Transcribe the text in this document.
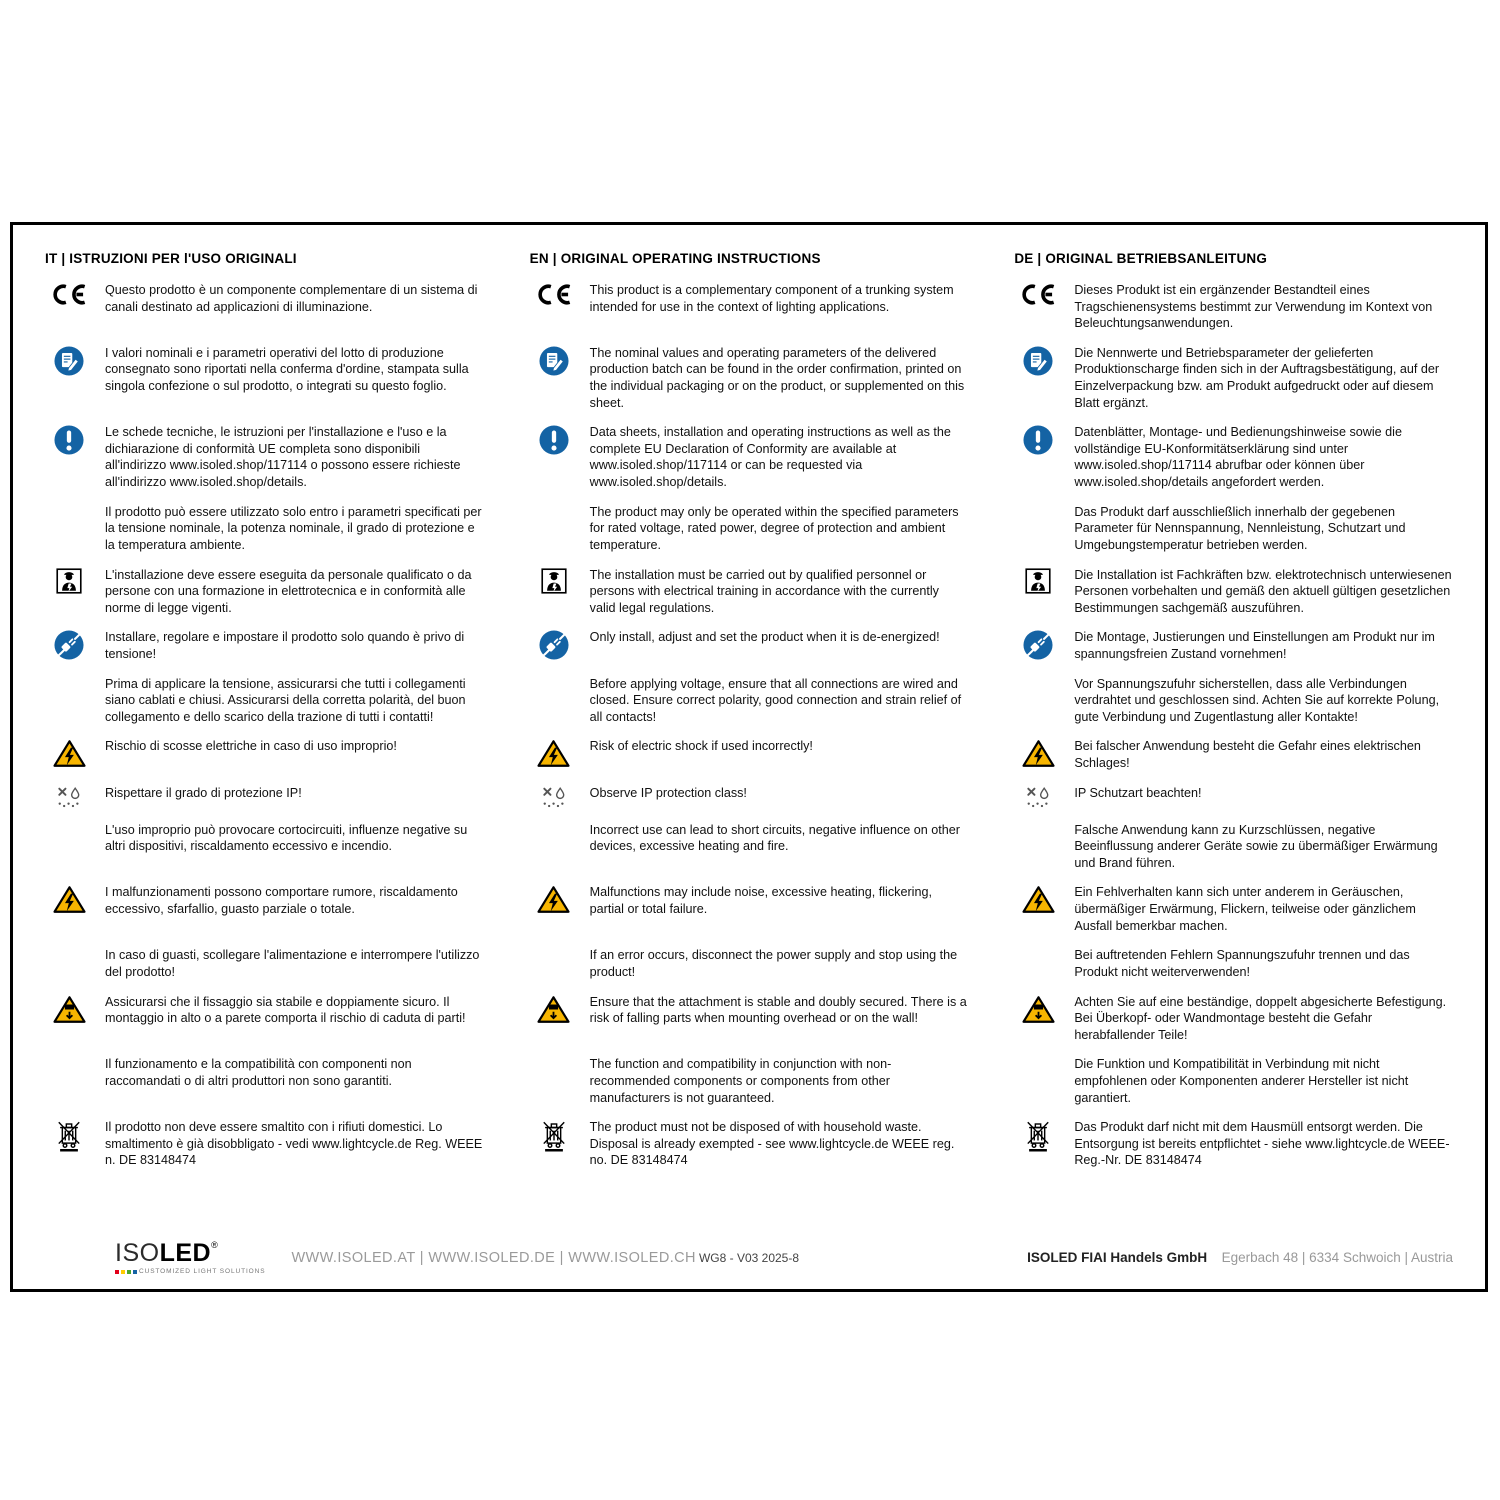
IT | ISTRUZIONI PER l'USO ORIGINALI	EN | ORIGINAL OPERATING INSTRUCTIONS	DE | ORIGINAL BETRIEBSANLEITUNG

Questo prodotto è un componente complementare di un sistema di canali destinato ad applicazioni di illuminazione.

This product is a complementary component of a trunking system intended for use in the context of lighting applications.

Dieses Produkt ist ein ergänzender Bestandteil eines Tragschienensystems bestimmt zur Verwendung im Kontext von Beleuchtungsanwendungen.

I valori nominali e i parametri operativi del lotto di produzione consegnato sono riportati nella conferma d'ordine, stampata sulla singola confezione o sul prodotto, o integrati su questo foglio.

The nominal values and operating parameters of the delivered production batch can be found in the order confirmation, printed on the individual packaging or on the product, or supplemented on this sheet.

Die Nennwerte und Betriebsparameter der gelieferten Produktionscharge finden sich in der Auftragsbestätigung, auf der Einzelverpackung bzw. am Produkt aufgedruckt oder auf diesem Blatt ergänzt.

Le schede tecniche, le istruzioni per l'installazione e l'uso e la dichiarazione di conformità UE completa sono disponibili all'indirizzo www.isoled.shop/117114 o possono essere richieste all'indirizzo www.isoled.shop/details.

Data sheets, installation and operating instructions as well as the complete EU Declaration of Conformity are available at www.isoled.shop/117114 or can be requested via www.isoled.shop/details.

Datenblätter, Montage- und Bedienungshinweise sowie die vollständige EU-Konformitätserklärung sind unter www.isoled.shop/117114 abrufbar oder können über www.isoled.shop/details angefordert werden.

Il prodotto può essere utilizzato solo entro i parametri specificati per la tensione nominale, la potenza nominale, il grado di protezione e la temperatura ambiente.

The product may only be operated within the specified parameters for rated voltage, rated power, degree of protection and ambient temperature.

Das Produkt darf ausschließlich innerhalb der gegebenen Parameter für Nennspannung, Nennleistung, Schutzart und Umgebungstemperatur betrieben werden.

L'installazione deve essere eseguita da personale qualificato o da persone con una formazione in elettrotecnica e in conformità alle norme di legge vigenti.

The installation must be carried out by qualified personnel or persons with electrical training in accordance with the currently valid legal regulations.

Die Installation ist Fachkräften bzw. elektrotechnisch unterwiesenen Personen vorbehalten und gemäß den aktuell gültigen gesetzlichen Bestimmungen sachgemäß auszuführen.

Installare, regolare e impostare il prodotto solo quando è privo di tensione!

Only install, adjust and set the product when it is de-energized!	Die Montage, Justierungen und Einstellungen am Produkt nur im spannungsfreien Zustand vornehmen!

Prima di applicare la tensione, assicurarsi che tutti i collegamenti siano cablati e chiusi. Assicurarsi della corretta polarità, del buon collegamento e dello scarico della trazione di tutti i contatti!

Before applying voltage, ensure that all connections are wired and closed. Ensure correct polarity, good connection and strain relief of all contacts!

Vor Spannungszufuhr sicherstellen, dass alle Verbindungen verdrahtet und geschlossen sind. Achten Sie auf korrekte Polung, gute Verbindung und Zugentlastung aller Kontakte!

Rischio di scosse elettriche in caso di uso improprio!	Risk of electric shock if used incorrectly!	Bei falscher Anwendung besteht die Gefahr eines elektrischen Schlages!

Rispettare il grado di protezione IP!	Observe IP protection class!	IP Schutzart beachten!

L'uso improprio può provocare cortocircuiti, influenze negative su altri dispositivi, riscaldamento eccessivo e incendio.

Incorrect use can lead to short circuits, negative influence on other devices, excessive heating and fire.

Falsche Anwendung kann zu Kurzschlüssen, negative Beeinflussung anderer Geräte sowie zu übermäßiger Erwärmung und Brand führen.

I malfunzionamenti possono comportare rumore, riscaldamento eccessivo, sfarfallio, guasto parziale o totale.

Malfunctions may include noise, excessive heating, flickering, partial or total failure.

Ein Fehlverhalten kann sich unter anderem in Geräuschen, übermäßiger Erwärmung, Flickern, teilweise oder gänzlichem Ausfall bemerkbar machen.

In caso di guasti, scollegare l'alimentazione e interrompere l'utilizzo del prodotto!

If an error occurs, disconnect the power supply and stop using the product!

Bei auftretenden Fehlern Spannungszufuhr trennen und das Produkt nicht weiterverwenden!

Assicurarsi che il fissaggio sia stabile e doppiamente sicuro. Il montaggio in alto o a parete comporta il rischio di caduta di parti!

Ensure that the attachment is stable and doubly secured. There is a risk of falling parts when mounting overhead or on the wall!

Achten Sie auf eine beständige, doppelt abgesicherte Befestigung. Bei Überkopf- oder Wandmontage besteht die Gefahr herabfallender Teile!

Il funzionamento e la compatibilità con componenti non raccomandati o di altri produttori non sono garantiti.

The function and compatibility in conjunction with non-recommended components or components from other manufacturers is not guaranteed.

Die Funktion und Kompatibilität in Verbindung mit nicht empfohlenen oder Komponenten anderer Hersteller ist nicht garantiert.

Il prodotto non deve essere smaltito con i rifiuti domestici. Lo smaltimento è già disobbligato - vedi www.lightcycle.de Reg. WEEE n. DE 83148474

The product must not be disposed of with household waste. Disposal is already exempted - see www.lightcycle.de WEEE reg. no. DE 83148474

Das Produkt darf nicht mit dem Hausmüll entsorgt werden. Die Entsorgung ist bereits entpflichtet - siehe www.lightcycle.de WEEE-Reg.-Nr. DE 83148474

ISOLED®
CUSTOMIZED LIGHT SOLUTIONS
WWW.ISOLED.AT | WWW.ISOLED.DE | WWW.ISOLED.CH WG8 - V03 2025-8	ISOLED FIAI Handels GmbH Egerbach 48 | 6334 Schwoich | Austria
